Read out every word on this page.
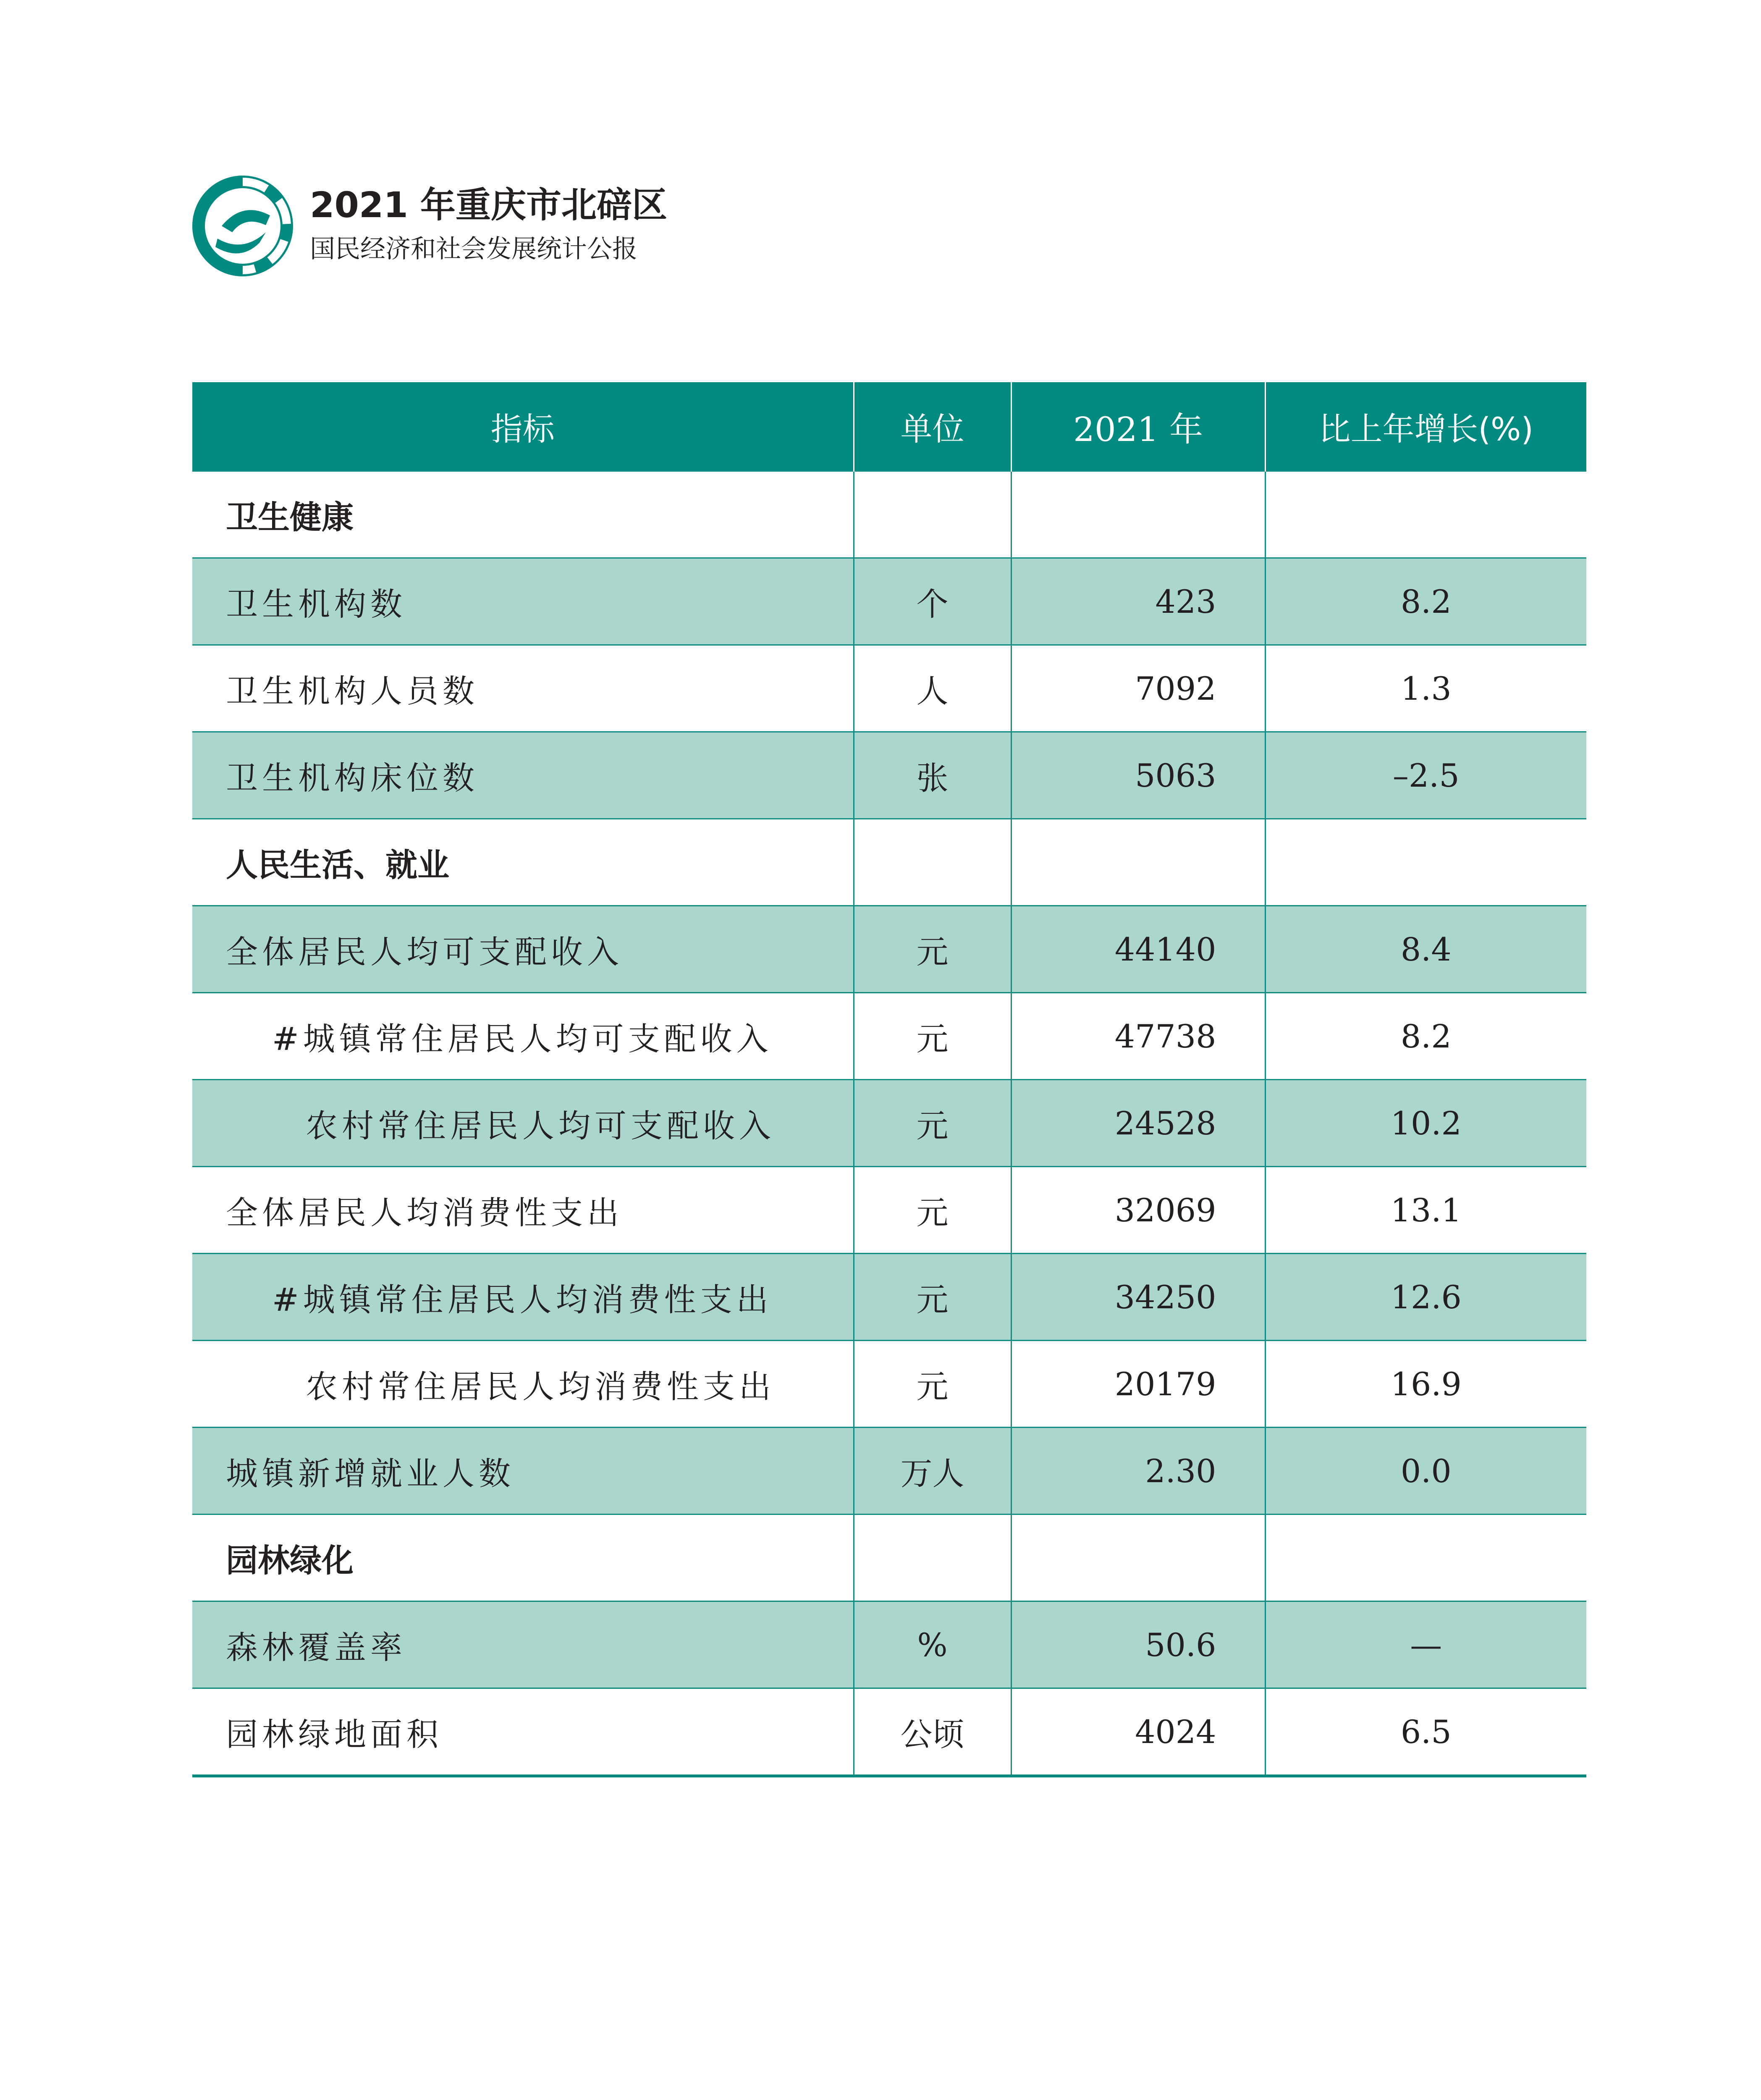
2021 年重庆市北碚区
国民经济和社会发展统计公报
指标	单位	2021 年	比上年增长(%)
卫生健康			
卫生机构数	个	423	8.2
卫生机构人员数	人	7092	1.3
卫生机构床位数	张	5063	–2.5
人民生活、就业			
全体居民人均可支配收入	元	44140	8.4
#城镇常住居民人均可支配收入	元	47738	8.2
农村常住居民人均可支配收入	元	24528	10.2
全体居民人均消费性支出	元	32069	13.1
#城镇常住居民人均消费性支出	元	34250	12.6
农村常住居民人均消费性支出	元	20179	16.9
城镇新增就业人数	万人	2.30	0.0
园林绿化			
森林覆盖率	%	50.6	—
园林绿地面积	公顷	4024	6.5
